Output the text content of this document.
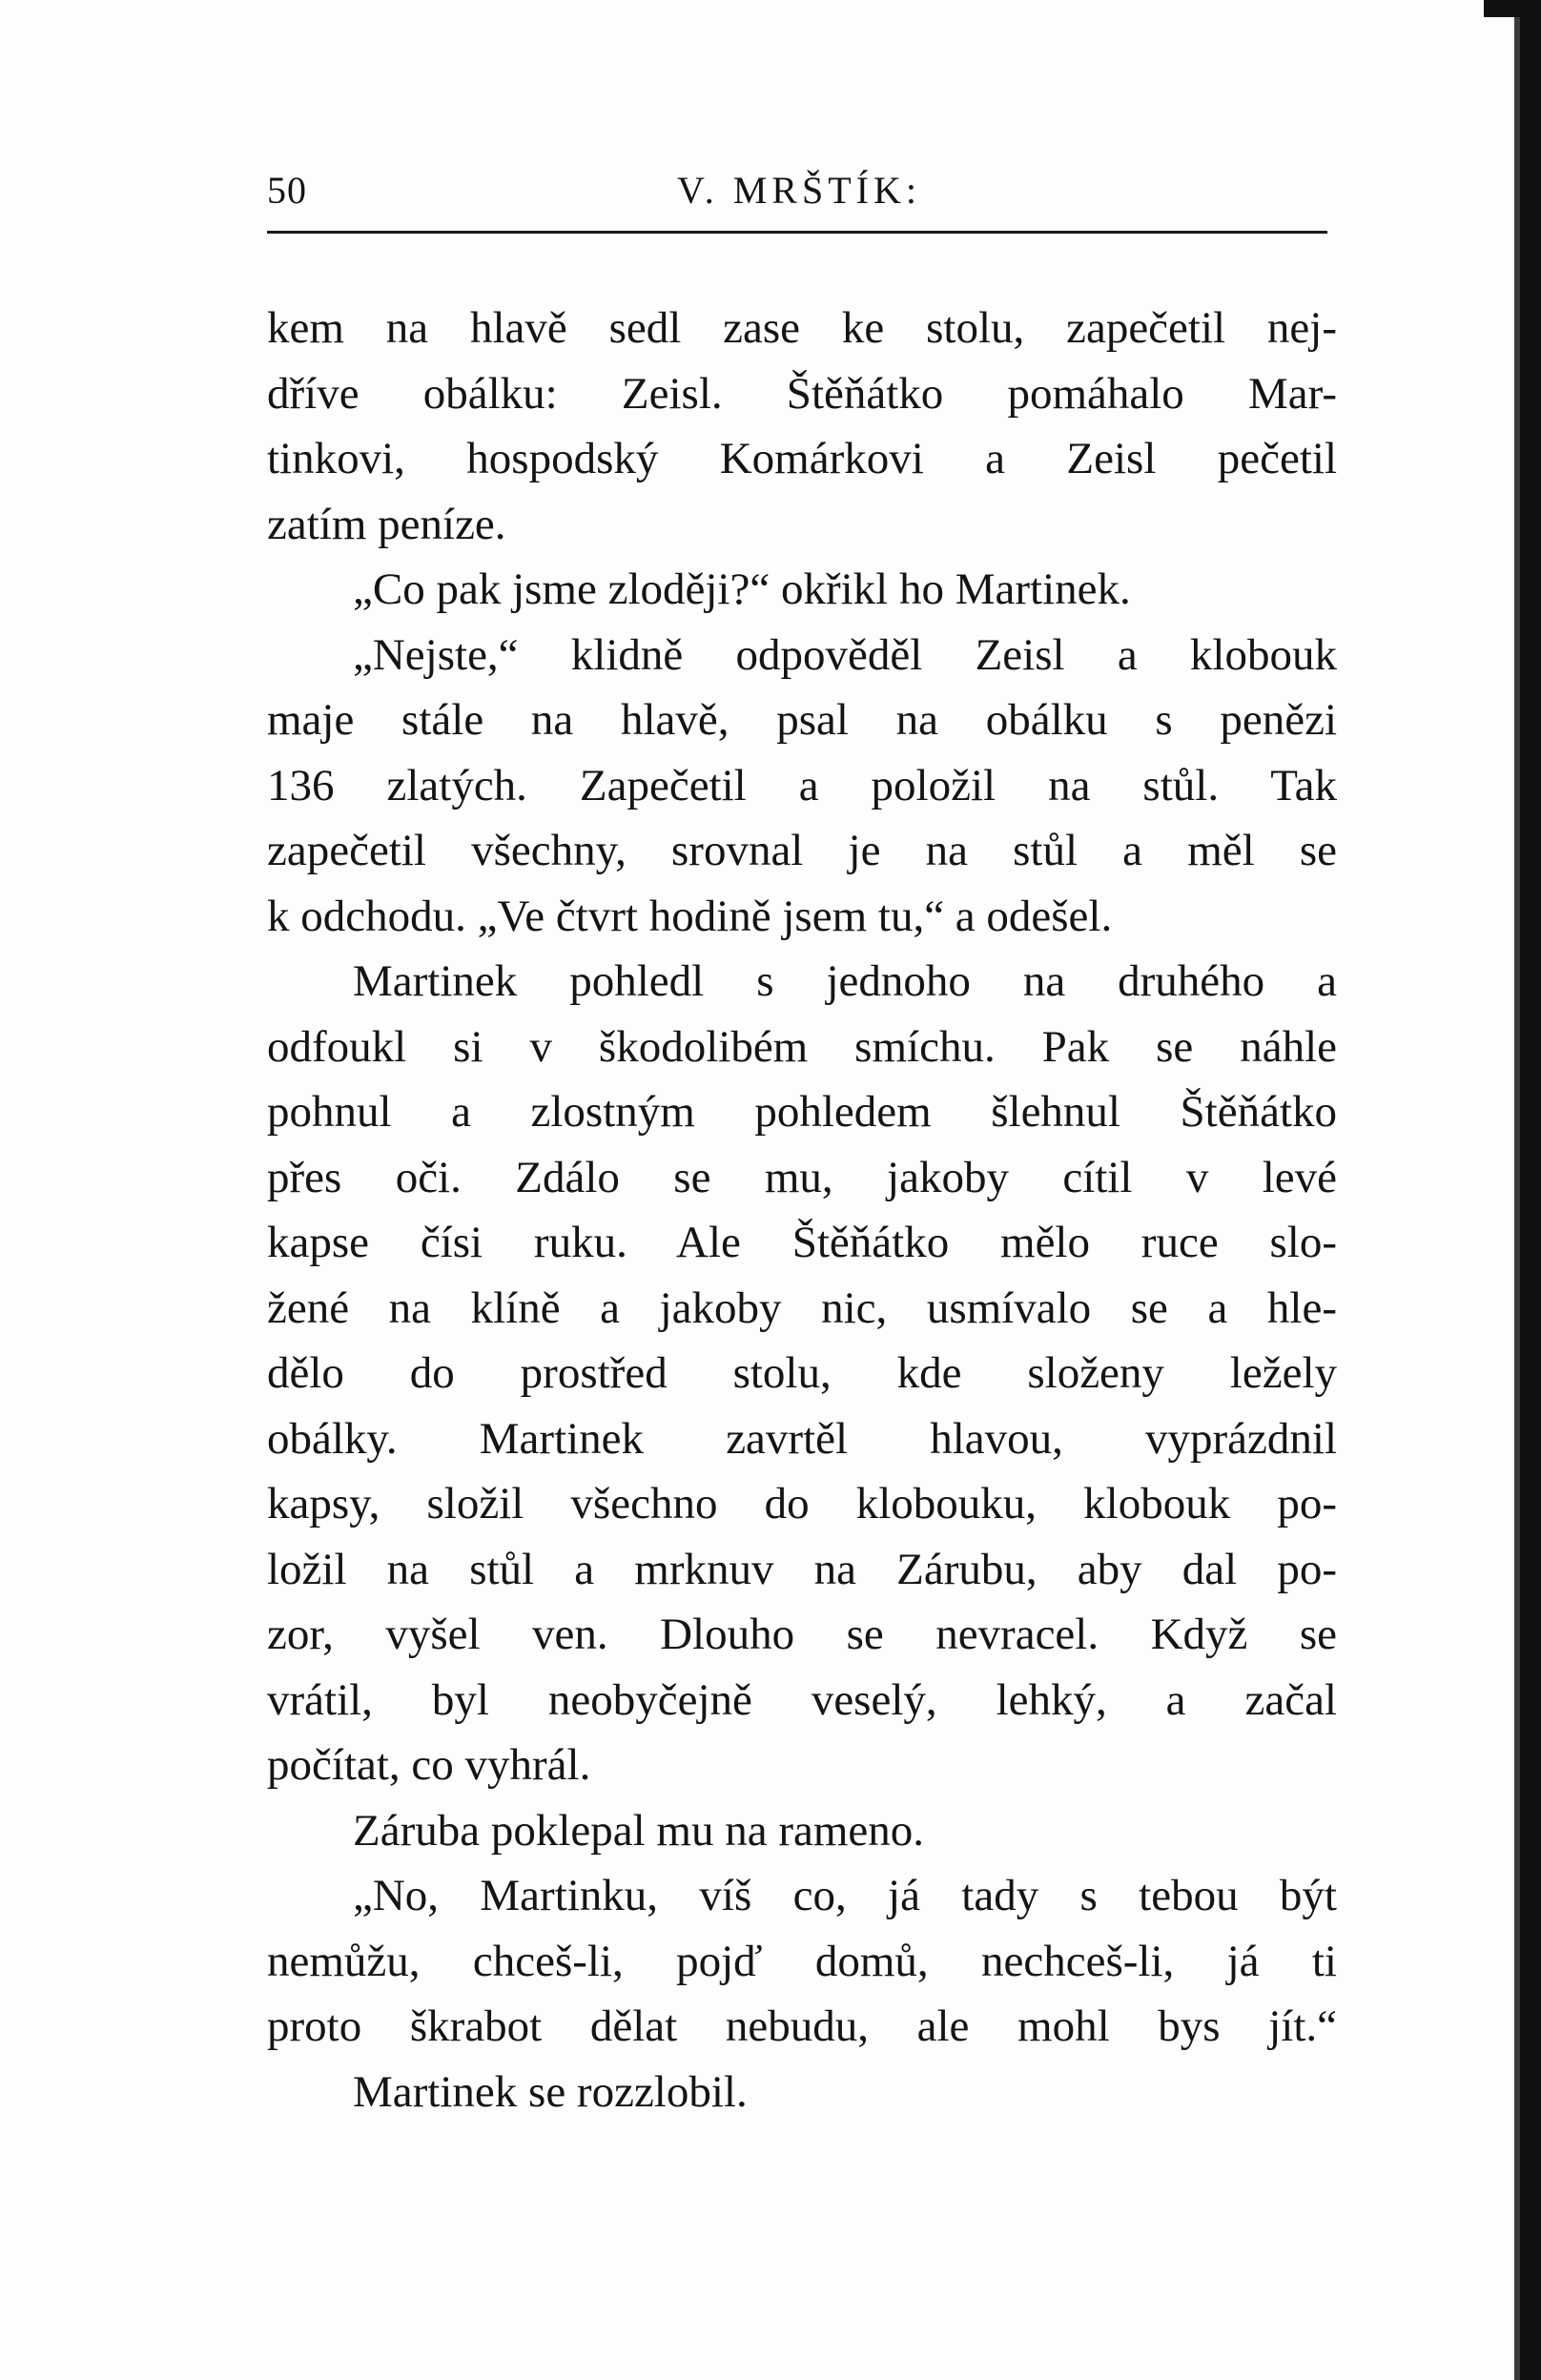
50	V. MRŠTÍK:
kem na hlavě sedl zase ke stolu, zapečetil nej-
dříve obálku: Zeisl. Štěňátko pomáhalo Mar-
tinkovi, hospodský Komárkovi a Zeisl pečetil
zatím peníze.
„Co pak jsme zloději?“ okřikl ho Martinek.
„Nejste,“ klidně odpověděl Zeisl a klobouk
maje stále na hlavě, psal na obálku s penězi
136 zlatých. Zapečetil a položil na stůl. Tak
zapečetil všechny, srovnal je na stůl a měl se
k odchodu. „Ve čtvrt hodině jsem tu,“ a odešel.
Martinek pohledl s jednoho na druhého a
odfoukl si v škodolibém smíchu. Pak se náhle
pohnul a zlostným pohledem šlehnul Štěňátko
přes oči. Zdálo se mu, jakoby cítil v levé
kapse čísi ruku. Ale Štěňátko mělo ruce slo-
žené na klíně a jakoby nic, usmívalo se a hle-
dělo do prostřed stolu, kde složeny ležely
obálky. Martinek zavrtěl hlavou, vyprázdnil
kapsy, složil všechno do klobouku, klobouk po-
ložil na stůl a mrknuv na Zárubu, aby dal po-
zor, vyšel ven. Dlouho se nevracel. Když se
vrátil, byl neobyčejně veselý, lehký, a začal
počítat, co vyhrál.
Záruba poklepal mu na rameno.
„No, Martinku, víš co, já tady s tebou být
nemůžu, chceš-li, pojď domů, nechceš-li, já ti
proto škrabot dělat nebudu, ale mohl bys jít.“
Martinek se rozzlobil.
